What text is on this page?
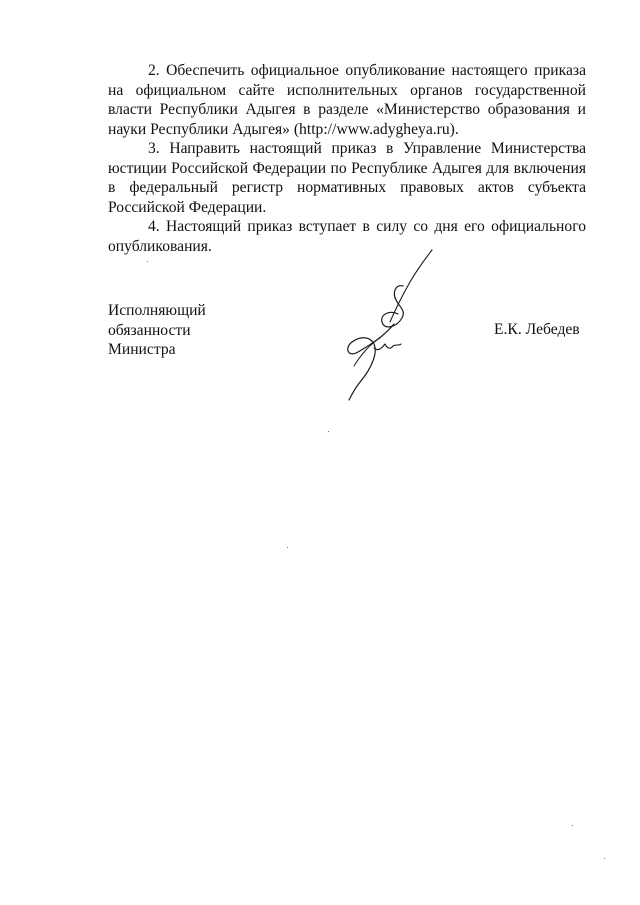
2. Обеспечить официальное опубликование настоящего приказа на официальном сайте исполнительных органов государственной власти Республики Адыгея в разделе «Министерство образования и науки Республики Адыгея» (http://www.adygheya.ru).

3. Направить настоящий приказ в Управление Министерства юстиции Российской Федерации по Республике Адыгея для включения в федеральный регистр нормативных правовых актов субъекта Российской Федерации.

4. Настоящий приказ вступает в силу со дня его официального опубликования.

Исполняющий
обязанности
Министра
Е.К. Лебедев
